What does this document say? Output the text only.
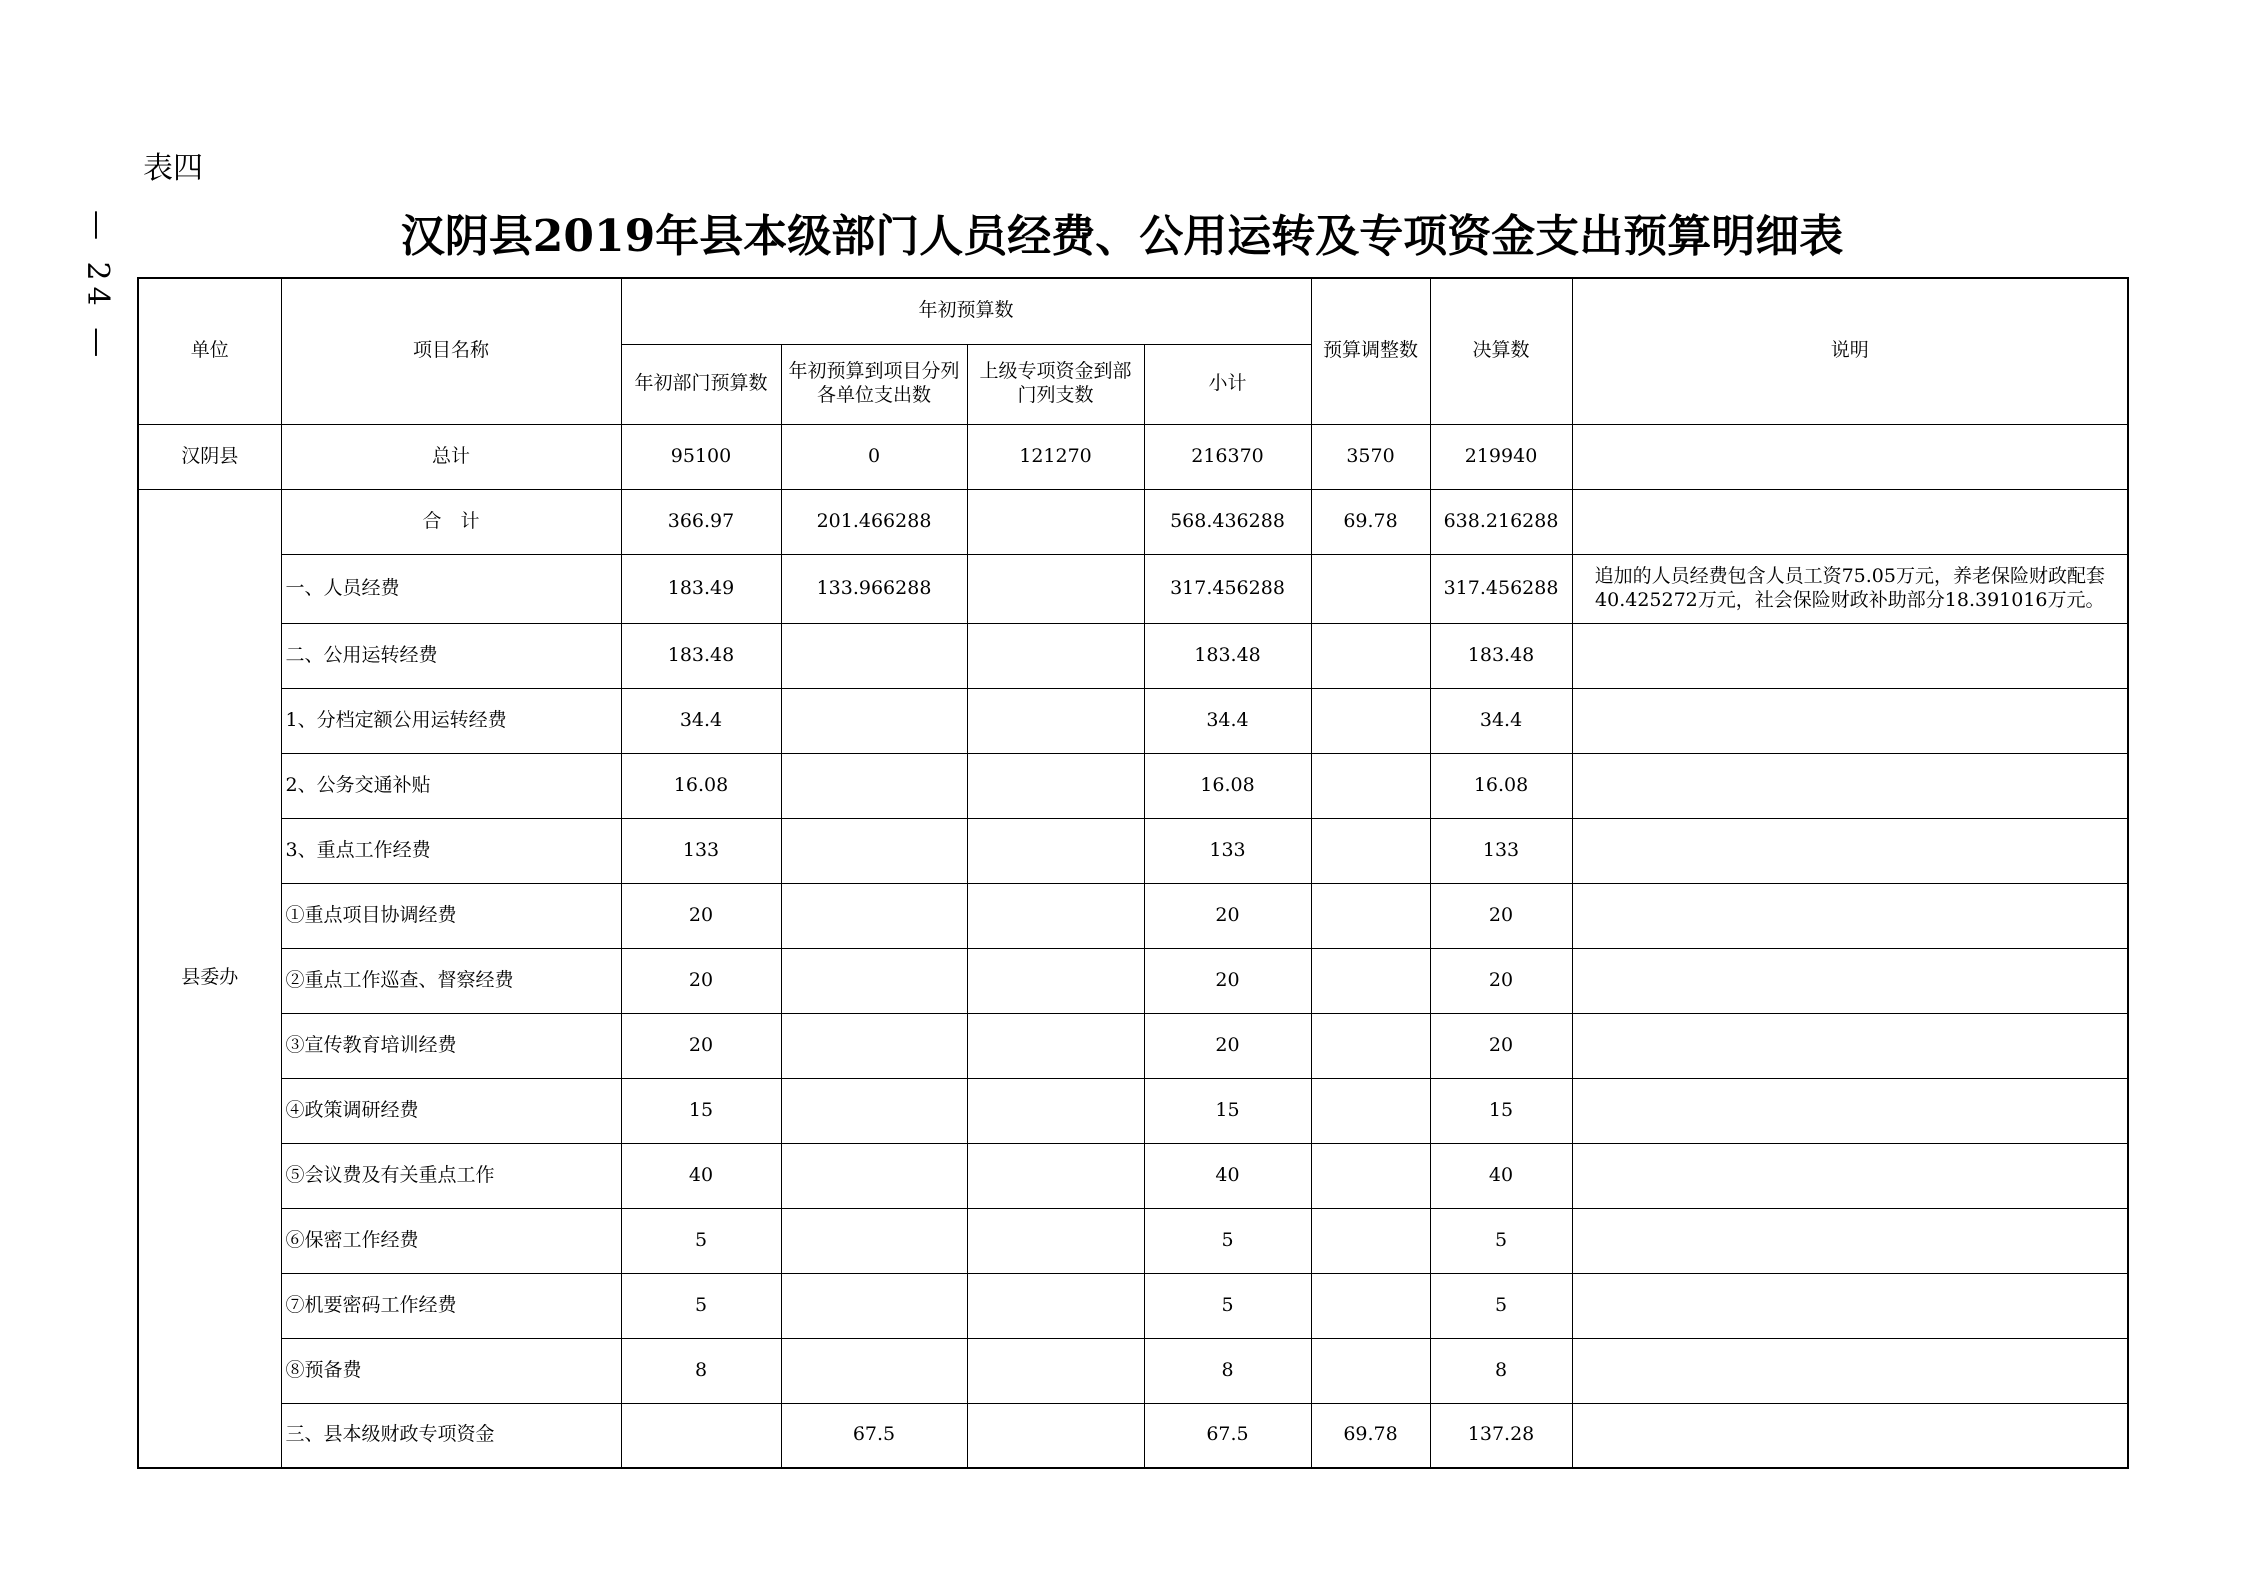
表四
— 24 —	汉阴县2019年县本级部门人员经费、公用运转及专项资金支出预算明细表
单位	项目名称	年初预算数				预算调整数	决算数	说明
		年初部门预算数	年初预算到项目分列各单位支出数	上级专项资金到部门列支数	小计			
汉阴县	总计	95100	0	121270	216370	3570	219940	
县委办	合　计	366.97	201.466288		568.436288	69.78	638.216288	
	一、人员经费	183.49	133.966288		317.456288		317.456288	追加的人员经费包含人员工资75.05万元，养老保险财政配套40.425272万元，社会保险财政补助部分18.391016万元。
	二、公用运转经费	183.48			183.48		183.48	
	1、分档定额公用运转经费	34.4			34.4		34.4	
	2、公务交通补贴	16.08			16.08		16.08	
	3、重点工作经费	133			133		133	
	①重点项目协调经费	20			20		20	
	②重点工作巡查、督察经费	20			20		20	
	③宣传教育培训经费	20			20		20	
	④政策调研经费	15			15		15	
	⑤会议费及有关重点工作	40			40		40	
	⑥保密工作经费	5			5		5	
	⑦机要密码工作经费	5			5		5	
	⑧预备费	8			8		8	
	三、县本级财政专项资金		67.5		67.5	69.78	137.28	
